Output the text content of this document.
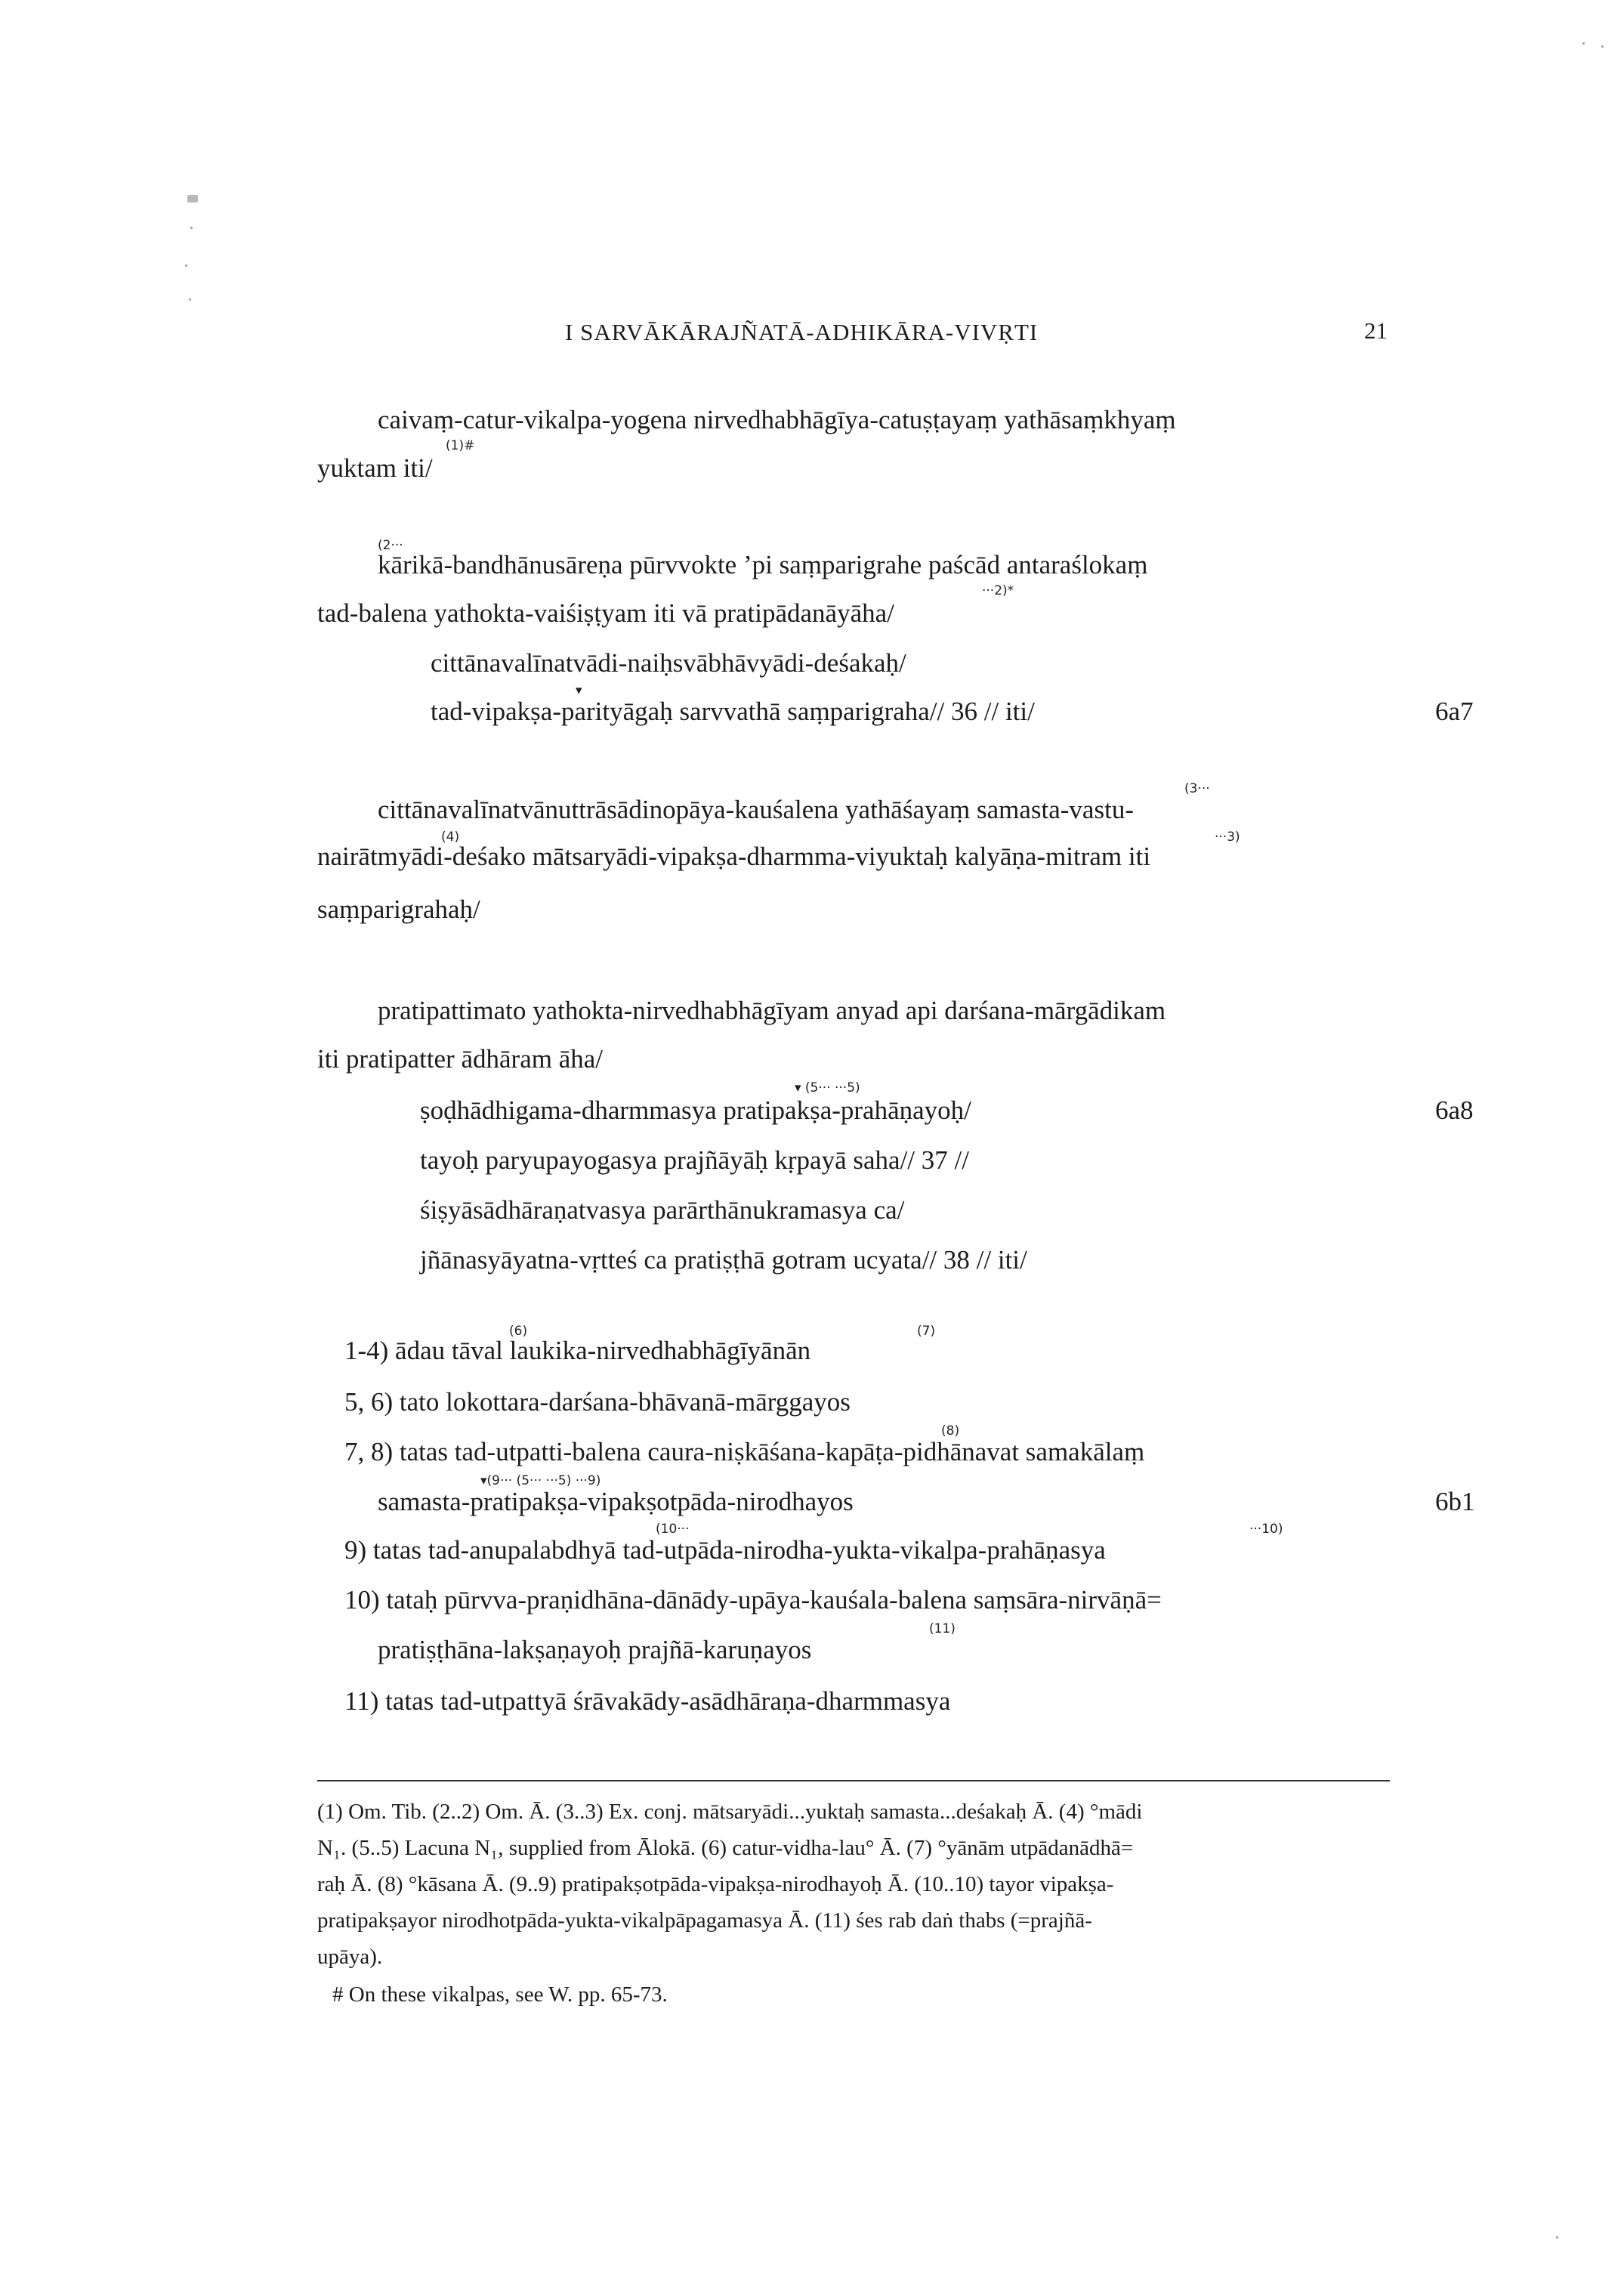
I SARVĀKĀRAJÑATĀ-ADHIKĀRA-VIVṚTI	21
caivaṃ-catur-vikalpa-yogena nirvedhabhāgīya-catuṣṭayaṃ yathāsaṃkhyaṃ
(1)#
yuktam iti/
(2···
kārikā-bandhānusāreṇa pūrvvokte ’pi saṃparigrahe paścād antaraślokaṃ
···2)*
tad-balena yathokta-vaiśiṣṭyam iti vā pratipādanāyāha/
cittānavalīnatvādi-naiḥsvābhāvyādi-deśakaḥ/
▾
tad-vipakṣa-parityāgaḥ sarvvathā saṃparigraha// 36 // iti/	6a7
(3···
cittānavalīnatvānuttrāsādinopāya-kauśalena yathāśayaṃ samasta-vastu-
(4)	···3)
nairātmyādi-deśako mātsaryādi-vipakṣa-dharmma-viyuktaḥ kalyāṇa-mitram iti
saṃparigrahaḥ/
pratipattimato yathokta-nirvedhabhāgīyam anyad api darśana-mārgādikam
iti pratipatter ādhāram āha/
▾ (5··· ···5)
ṣoḍhādhigama-dharmmasya pratipakṣa-prahāṇayoḥ/	6a8
tayoḥ paryupayogasya prajñāyāḥ kṛpayā saha// 37 //
śiṣyāsādhāraṇatvasya parārthānukramasya ca/
jñānasyāyatna-vṛtteś ca pratiṣṭhā gotram ucyata// 38 // iti/
(6)	(7)
1-4) ādau tāval laukika-nirvedhabhāgīyānān
5, 6) tato lokottara-darśana-bhāvanā-mārggayos
(8)
7, 8) tatas tad-utpatti-balena caura-niṣkāśana-kapāṭa-pidhānavat samakālaṃ
▾(9··· (5··· ···5) ···9)
samasta-pratipakṣa-vipakṣotpāda-nirodhayos	6b1
(10···	···10)
9) tatas tad-anupalabdhyā tad-utpāda-nirodha-yukta-vikalpa-prahāṇasya
10) tataḥ pūrvva-praṇidhāna-dānādy-upāya-kauśala-balena saṃsāra-nirvāṇā=
(11)
pratiṣṭhāna-lakṣaṇayoḥ prajñā-karuṇayos
11) tatas tad-utpattyā śrāvakādy-asādhāraṇa-dharmmasya
(1) Om. Tib. (2..2) Om. Ā. (3..3) Ex. conj. mātsaryādi...yuktaḥ samasta...deśakaḥ Ā. (4) °mādi
N₁. (5..5) Lacuna N₁, supplied from Ālokā. (6) catur-vidha-lau° Ā. (7) °yānām utpādanādhā=
raḥ Ā. (8) °kāsana Ā. (9..9) pratipakṣotpāda-vipakṣa-nirodhayoḥ Ā. (10..10) tayor vipakṣa-
pratipakṣayor nirodhotpāda-yukta-vikalpāpagamasya Ā. (11) śes rab daṅ thabs (=prajñā-
upāya).
# On these vikalpas, see W. pp. 65-73.
